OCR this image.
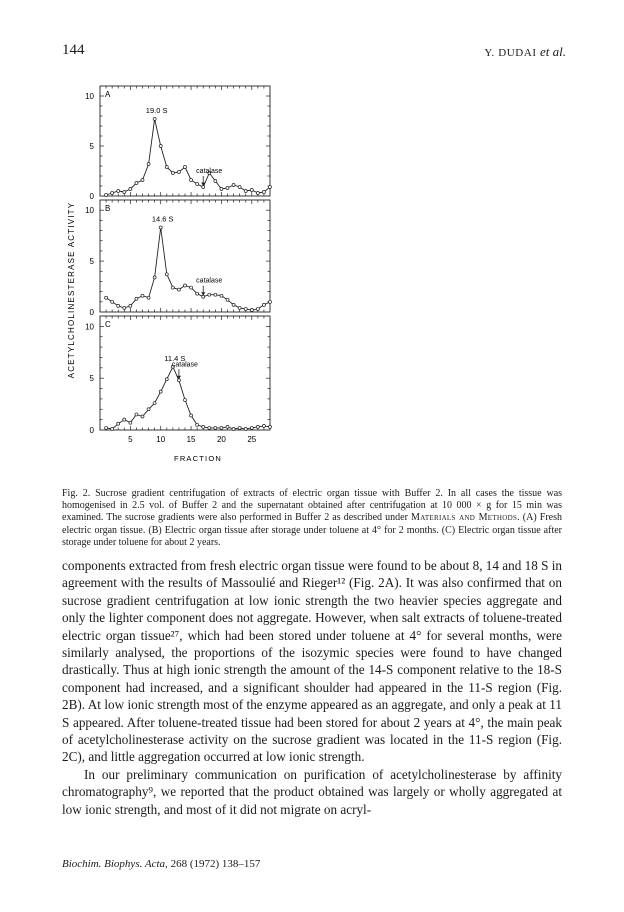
144	Y. DUDAI et al.
ACETYLCHOLINESTERASE ACTIVITY
FRACTION
0
5
10 A
19.0 S
catalase
0
5
10 B
14.6 S
catalase
0
5
10 C
11.4 S
catalase
5	10	15	20	25
Fig. 2. Sucrose gradient centrifugation of extracts of electric organ tissue with Buffer 2. In all cases the tissue was homogenised in 2.5 vol. of Buffer 2 and the supernatant obtained after centrifugation at 10 000 × g for 15 min was examined. The sucrose gradients were also performed in Buffer 2 as described under Materials and Methods. (A) Fresh electric organ tissue. (B) Electric organ tissue after storage under toluene at 4° for 2 months. (C) Electric organ tissue after storage under toluene for about 2 years.

components extracted from fresh electric organ tissue were found to be about 8, 14 and 18 S in agreement with the results of Massoulié and Rieger¹² (Fig. 2A). It was also confirmed that on sucrose gradient centrifugation at low ionic strength the two heavier species aggregate and only the lighter component does not aggregate. However, when salt extracts of toluene-treated electric organ tissue²⁷, which had been stored under toluene at 4° for several months, were similarly analysed, the proportions of the isozymic species were found to have changed drastically. Thus at high ionic strength the amount of the 14-S component relative to the 18-S component had increased, and a significant shoulder had appeared in the 11-S region (Fig. 2B). At low ionic strength most of the enzyme appeared as an aggregate, and only a peak at 11 S appeared. After toluene-treated tissue had been stored for about 2 years at 4°, the main peak of acetylcholinesterase activity on the sucrose gradient was located in the 11-S region (Fig. 2C), and little aggregation occurred at low ionic strength.

In our preliminary communication on purification of acetylcholinesterase by affinity chromatography⁹, we reported that the product obtained was largely or wholly aggregated at low ionic strength, and most of it did not migrate on acryl-

Biochim. Biophys. Acta, 268 (1972) 138–157
